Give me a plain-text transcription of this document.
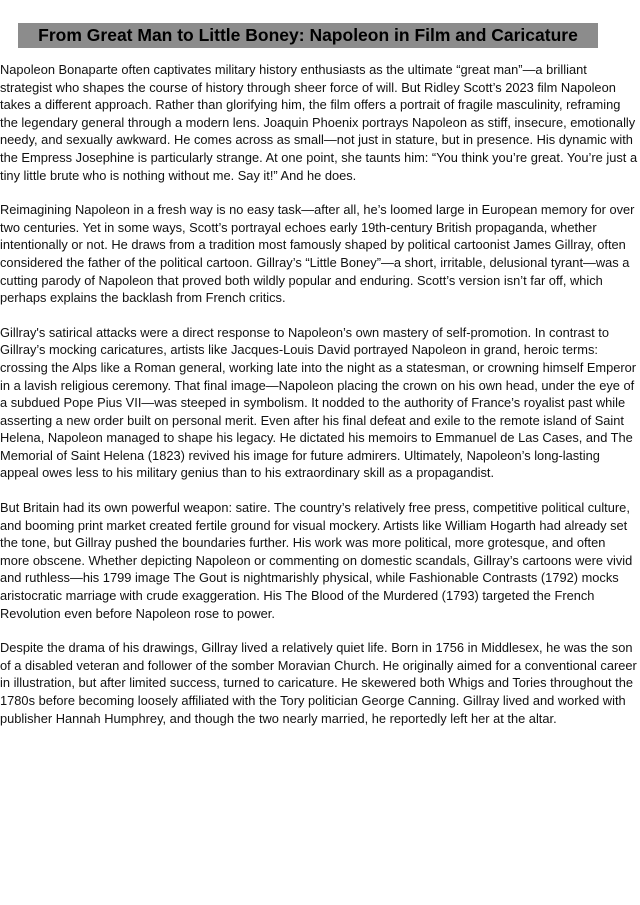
From Great Man to Little Boney: Napoleon in Film and Caricature

Napoleon Bonaparte often captivates military history enthusiasts as the ultimate “great man”—a brilliant strategist who shapes the course of history through sheer force of will. But Ridley Scott’s 2023 film Napoleon takes a different approach. Rather than glorifying him, the film offers a portrait of fragile masculinity, reframing the legendary general through a modern lens. Joaquin Phoenix portrays Napoleon as stiff, insecure, emotionally needy, and sexually awkward. He comes across as small—not just in stature, but in presence. His dynamic with the Empress Josephine is particularly strange. At one point, she taunts him: “You think you’re great. You’re just a tiny little brute who is nothing without me. Say it!” And he does.

Reimagining Napoleon in a fresh way is no easy task—after all, he’s loomed large in European memory for over two centuries. Yet in some ways, Scott’s portrayal echoes early 19th-century British propaganda, whether intentionally or not. He draws from a tradition most famously shaped by political cartoonist James Gillray, often considered the father of the political cartoon. Gillray’s “Little Boney”—a short, irritable, delusional tyrant—was a cutting parody of Napoleon that proved both wildly popular and enduring. Scott’s version isn’t far off, which perhaps explains the backlash from French critics.

Gillray's satirical attacks were a direct response to Napoleon’s own mastery of self-promotion. In contrast to Gillray’s mocking caricatures, artists like Jacques-Louis David portrayed Napoleon in grand, heroic terms: crossing the Alps like a Roman general, working late into the night as a statesman, or crowning himself Emperor in a lavish religious ceremony. That final image—Napoleon placing the crown on his own head, under the eye of a subdued Pope Pius VII—was steeped in symbolism. It nodded to the authority of France’s royalist past while asserting a new order built on personal merit. Even after his final defeat and exile to the remote island of Saint Helena, Napoleon managed to shape his legacy. He dictated his memoirs to Emmanuel de Las Cases, and The Memorial of Saint Helena (1823) revived his image for future admirers. Ultimately, Napoleon’s long-lasting appeal owes less to his military genius than to his extraordinary skill as a propagandist.

But Britain had its own powerful weapon: satire. The country’s relatively free press, competitive political culture, and booming print market created fertile ground for visual mockery. Artists like William Hogarth had already set the tone, but Gillray pushed the boundaries further. His work was more political, more grotesque, and often more obscene. Whether depicting Napoleon or commenting on domestic scandals, Gillray’s cartoons were vivid and ruthless—his 1799 image The Gout is nightmarishly physical, while Fashionable Contrasts (1792) mocks aristocratic marriage with crude exaggeration. His The Blood of the Murdered (1793) targeted the French Revolution even before Napoleon rose to power.

Despite the drama of his drawings, Gillray lived a relatively quiet life. Born in 1756 in Middlesex, he was the son of a disabled veteran and follower of the somber Moravian Church. He originally aimed for a conventional career in illustration, but after limited success, turned to caricature. He skewered both Whigs and Tories throughout the 1780s before becoming loosely affiliated with the Tory politician George Canning. Gillray lived and worked with publisher Hannah Humphrey, and though the two nearly married, he reportedly left her at the altar.
